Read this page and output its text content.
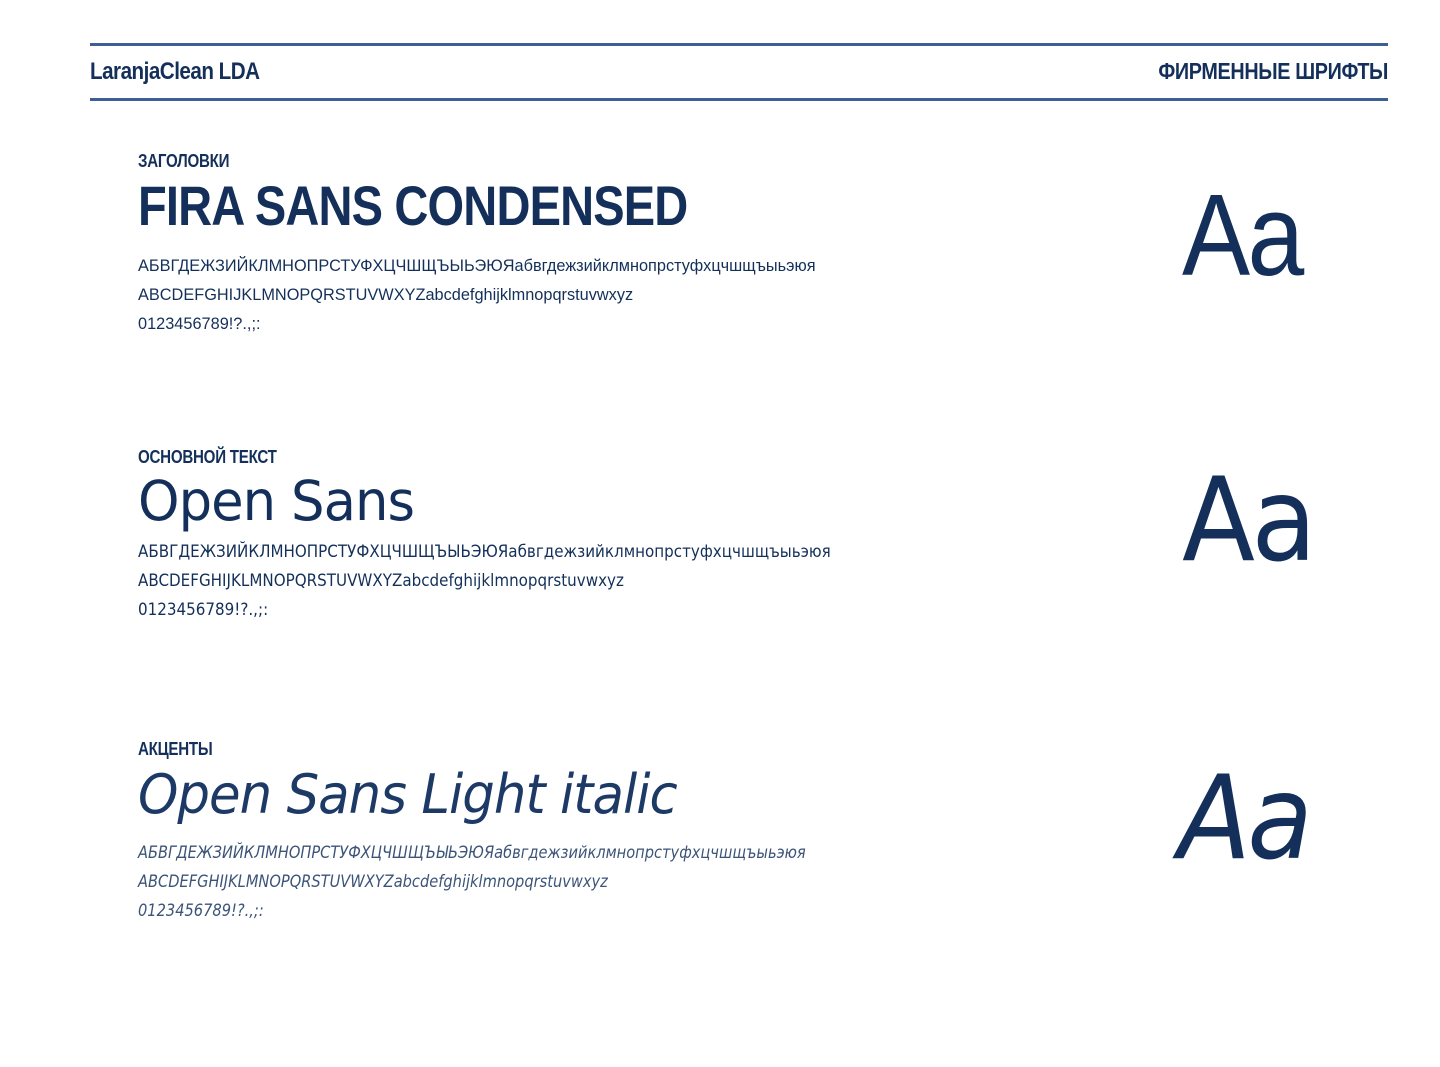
LaranjaClean LDA	ФИРМЕННЫЕ ШРИФТЫ
ЗАГОЛОВКИ
FIRA SANS CONDENSED
АБВГДЕЖЗИЙКЛМНОПРСТУФХЦЧШЩЪЫЬЭЮЯабвгдежзийклмнопрстуфхцчшщъыьэюя
ABCDEFGHIJKLMNOPQRSTUVWXYZabcdefghijklmnopqrstuvwxyz
0123456789!?.,;:
Aa
ОСНОВНОЙ ТЕКСТ
Open Sans
АБВГДЕЖЗИЙКЛМНОПРСТУФХЦЧШЩЪЫЬЭЮЯабвгдежзийклмнопрстуфхцчшщъыьэюя
ABCDEFGHIJKLMNOPQRSTUVWXYZabcdefghijklmnopqrstuvwxyz
0123456789!?.,;:
Aa
АКЦЕНТЫ
Open Sans Light italic
АБВГДЕЖЗИЙКЛМНОПРСТУФХЦЧШЩЪЫЬЭЮЯабвгдежзийклмнопрстуфхцчшщъыьэюя
ABCDEFGHIJKLMNOPQRSTUVWXYZabcdefghijklmnopqrstuvwxyz
0123456789!?.,;:
Aa
